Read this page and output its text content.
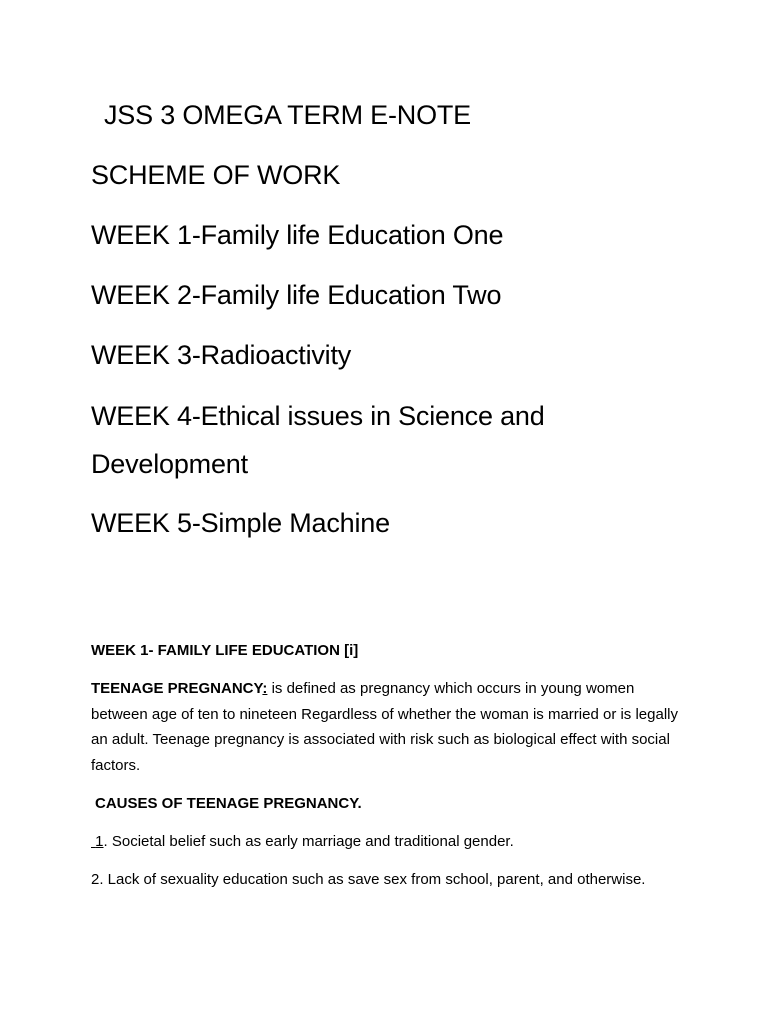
JSS 3 OMEGA TERM E-NOTE
SCHEME OF WORK

WEEK 1-Family life Education One

WEEK 2-Family life Education Two

WEEK 3-Radioactivity

WEEK 4-Ethical issues in Science and Development

WEEK 5-Simple Machine

WEEK 1- FAMILY LIFE EDUCATION [i]

TEENAGE PREGNANCY: is defined as pregnancy which occurs in young women between age of ten to nineteen Regardless of whether the woman is married or is legally an adult. Teenage pregnancy is associated with risk such as biological effect with social factors.

CAUSES OF TEENAGE PREGNANCY.

1. Societal belief such as early marriage and traditional gender.

2. Lack of sexuality education such as save sex from school, parent, and otherwise.
